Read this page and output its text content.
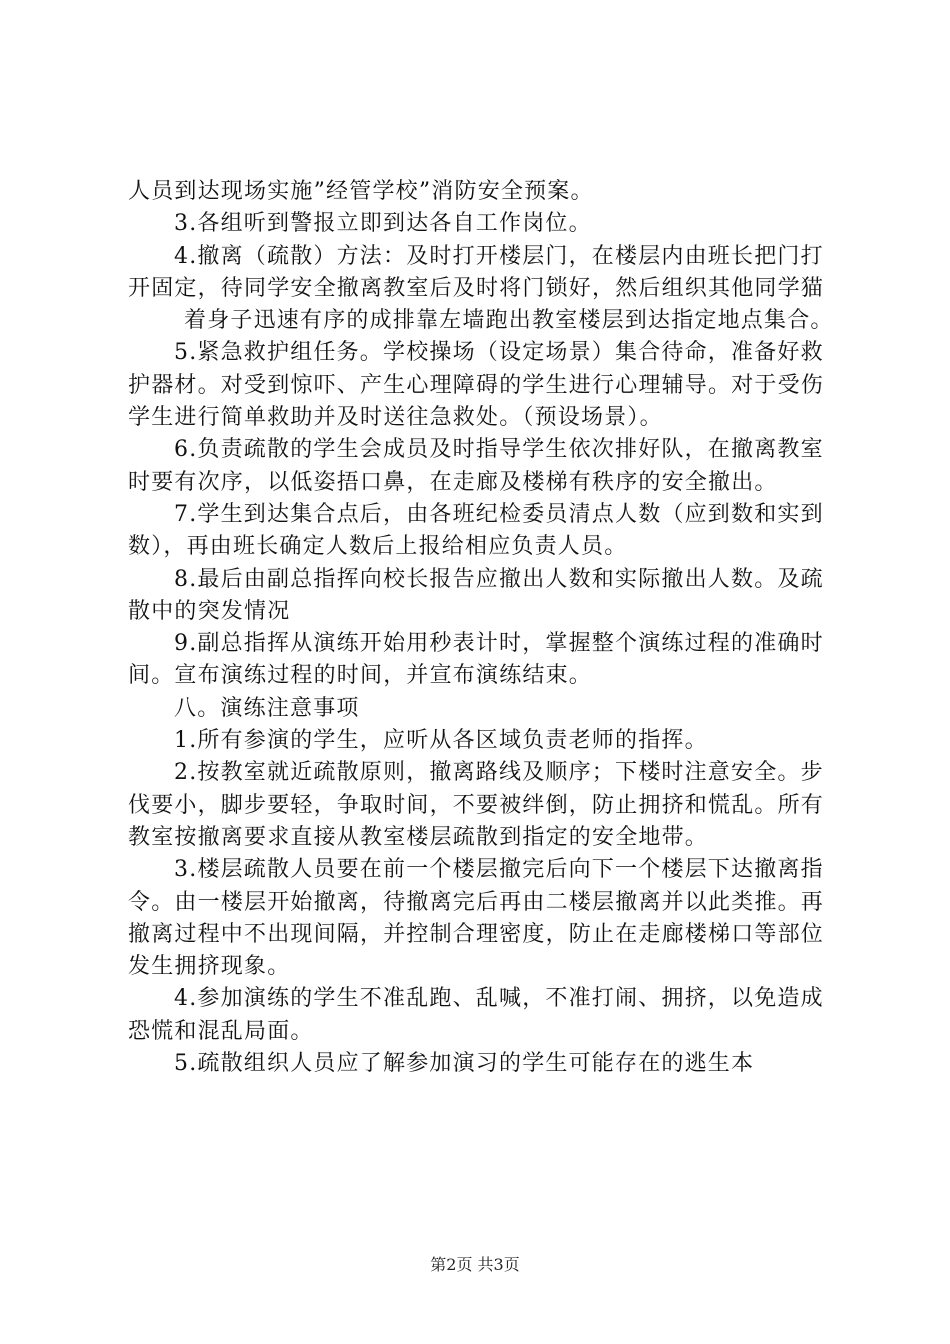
人员到达现场实施”经管学校”消防安全预案。

3.各组听到警报立即到达各自工作岗位。

4.撤离（疏散）方法：及时打开楼层门，在楼层内由班长把门打开固定，待同学安全撤离教室后及时将门锁好，然后组织其他同学猫

着身子迅速有序的成排靠左墙跑出教室楼层到达指定地点集合。

5.紧急救护组任务。学校操场（设定场景）集合待命，准备好救护器材。对受到惊吓、产生心理障碍的学生进行心理辅导。对于受伤学生进行简单救助并及时送往急救处。（预设场景）。

6.负责疏散的学生会成员及时指导学生依次排好队，在撤离教室时要有次序，以低姿捂口鼻，在走廊及楼梯有秩序的安全撤出。

7.学生到达集合点后，由各班纪检委员清点人数（应到数和实到数），再由班长确定人数后上报给相应负责人员。

8.最后由副总指挥向校长报告应撤出人数和实际撤出人数。及疏散中的突发情况

9.副总指挥从演练开始用秒表计时，掌握整个演练过程的准确时间。宣布演练过程的时间，并宣布演练结束。

八。演练注意事项

1.所有参演的学生，应听从各区域负责老师的指挥。

2.按教室就近疏散原则，撤离路线及顺序；下楼时注意安全。步伐要小，脚步要轻，争取时间，不要被绊倒，防止拥挤和慌乱。所有教室按撤离要求直接从教室楼层疏散到指定的安全地带。

3.楼层疏散人员要在前一个楼层撤完后向下一个楼层下达撤离指令。由一楼层开始撤离，待撤离完后再由二楼层撤离并以此类推。再撤离过程中不出现间隔，并控制合理密度，防止在走廊楼梯口等部位发生拥挤现象。

4.参加演练的学生不准乱跑、乱喊，不准打闹、拥挤，以免造成恐慌和混乱局面。

5.疏散组织人员应了解参加演习的学生可能存在的逃生本

第2页 共3页
